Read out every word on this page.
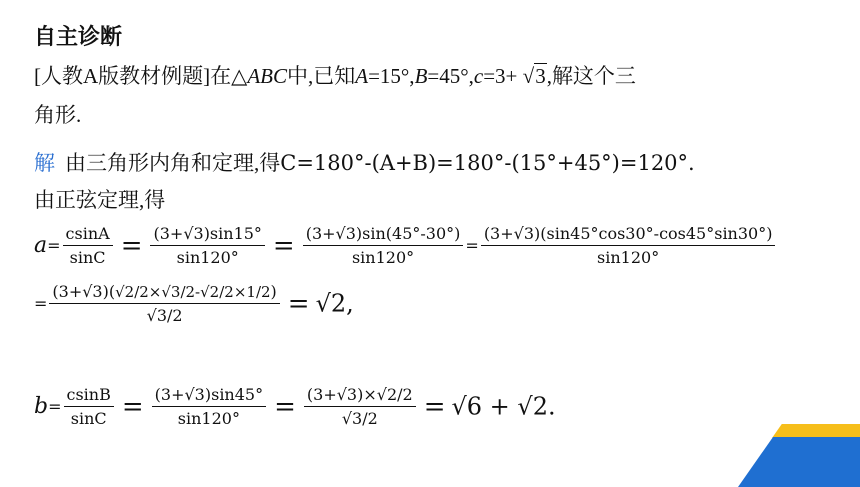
自主诊断
[人教A版教材例题]在△ABC中,已知A=15°,B=45°,c=3+ √3,解这个三
角形.
解 由三角形内角和定理,得C=180°-(A+B)=180°-(15°+45°)=120°.
由正弦定理,得
$a= \frac{csinA}{\sin C} = \frac{(3+√3)\sin 15^\circ}{\sin 120^\circ} = \frac{(3+√3)\sin(45^\circ-30^\circ)}{\sin 120^\circ} = \frac{(3+√3)(\sin 45^\circ\cos 30^\circ-\cos 45^\circ\sin 30^\circ)}{\sin 120^\circ}$
= $\frac{(3+√3)(√2/2\times√3/2-√2/2\times 1/2)}{√3/2} = √2$,
$b= \frac{csinB}{\sin C} = \frac{(3+√3)\sin 45^\circ}{\sin 120^\circ} = \frac{(3+√3)\times√2/2}{√3/2} = √6 + √2$.
